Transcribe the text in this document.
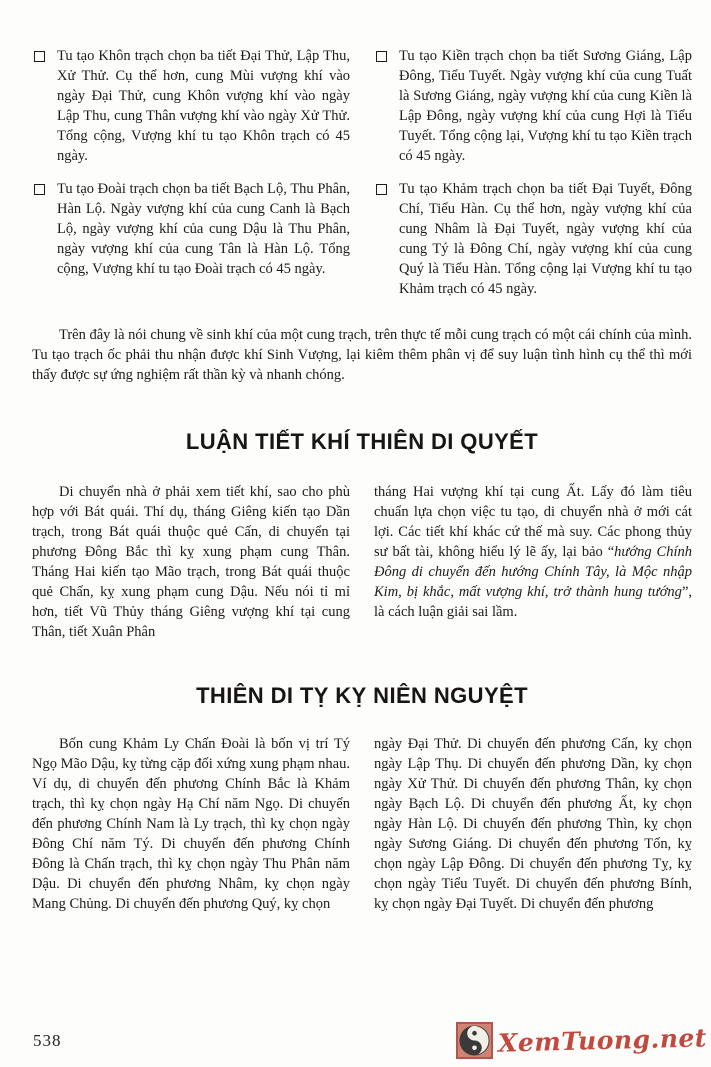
Tu tạo Khôn trạch chọn ba tiết Đại Thử, Lập Thu, Xử Thử. Cụ thể hơn, cung Mùi vượng khí vào ngày Đại Thử, cung Khôn vượng khí vào ngày Lập Thu, cung Thân vượng khí vào ngày Xử Thử. Tổng cộng, Vượng khí tu tạo Khôn trạch có 45 ngày.

Tu tạo Đoài trạch chọn ba tiết Bạch Lộ, Thu Phân, Hàn Lộ. Ngày vượng khí của cung Canh là Bạch Lộ, ngày vượng khí của cung Dậu là Thu Phân, ngày vượng khí của cung Tân là Hàn Lộ. Tổng cộng, Vượng khí tu tạo Đoài trạch có 45 ngày.

Tu tạo Kiền trạch chọn ba tiết Sương Giáng, Lập Đông, Tiểu Tuyết. Ngày vượng khí của cung Tuất là Sương Giáng, ngày vượng khí của cung Kiền là Lập Đông, ngày vượng khí của cung Hợi là Tiểu Tuyết. Tổng cộng lại, Vượng khí tu tạo Kiền trạch có 45 ngày.

Tu tạo Khảm trạch chọn ba tiết Đại Tuyết, Đông Chí, Tiểu Hàn. Cụ thể hơn, ngày vượng khí của cung Nhâm là Đại Tuyết, ngày vượng khí của cung Tý là Đông Chí, ngày vượng khí của cung Quý là Tiểu Hàn. Tổng cộng lại Vượng khí tu tạo Khảm trạch có 45 ngày.

Trên đây là nói chung về sinh khí của một cung trạch, trên thực tế mỗi cung trạch có một cái chính của mình. Tu tạo trạch ốc phải thu nhận được khí Sinh Vượng, lại kiêm thêm phân vị để suy luận tình hình cụ thể thì mới thấy được sự ứng nghiệm rất thần kỳ và nhanh chóng.

LUẬN TIẾT KHÍ THIÊN DI QUYẾT

Di chuyển nhà ở phải xem tiết khí, sao cho phù hợp với Bát quái. Thí dụ, tháng Giêng kiến tạo Dần trạch, trong Bát quái thuộc quẻ Cấn, di chuyển tại phương Đông Bắc thì kỵ xung phạm cung Thân. Tháng Hai kiến tạo Mão trạch, trong Bát quái thuộc quẻ Chấn, kỵ xung phạm cung Dậu. Nếu nói tỉ mỉ hơn, tiết Vũ Thủy tháng Giêng vượng khí tại cung Thân, tiết Xuân Phân

tháng Hai vượng khí tại cung Ất. Lấy đó làm tiêu chuẩn lựa chọn việc tu tạo, di chuyển nhà ở mới cát lợi. Các tiết khí khác cứ thế mà suy. Các phong thủy sư bất tài, không hiểu lý lẽ ấy, lại bảo “hướng Chính Đông di chuyển đến hướng Chính Tây, là Mộc nhập Kim, bị khắc, mất vượng khí, trở thành hung tướng”, là cách luận giải sai lầm.

THIÊN DI TỴ KỴ NIÊN NGUYỆT

Bốn cung Khảm Ly Chấn Đoài là bốn vị trí Tý Ngọ Mão Dậu, kỵ từng cặp đối xứng xung phạm nhau. Ví dụ, di chuyển đến phương Chính Bắc là Khảm trạch, thì kỵ chọn ngày Hạ Chí năm Ngọ. Di chuyển đến phương Chính Nam là Ly trạch, thì kỵ chọn ngày Đông Chí năm Tý. Di chuyển đến phương Chính Đông là Chấn trạch, thì kỵ chọn ngày Thu Phân năm Dậu. Di chuyển đến phương Nhâm, kỵ chọn ngày Mang Chủng. Di chuyển đến phương Quý, kỵ chọn

ngày Đại Thử. Di chuyển đến phương Cấn, kỵ chọn ngày Lập Thụ. Di chuyển đến phương Dần, kỵ chọn ngày Xử Thử. Di chuyển đến phương Thân, kỵ chọn ngày Bạch Lộ. Di chuyển đến phương Ất, kỵ chọn ngày Hàn Lộ. Di chuyển đến phương Thìn, kỵ chọn ngày Sương Giáng. Di chuyển đến phương Tốn, kỵ chọn ngày Lập Đông. Di chuyển đến phương Tỵ, kỵ chọn ngày Tiểu Tuyết. Di chuyển đến phương Bính, kỵ chọn ngày Đại Tuyết. Di chuyển đến phương

538	XemTuong.net
